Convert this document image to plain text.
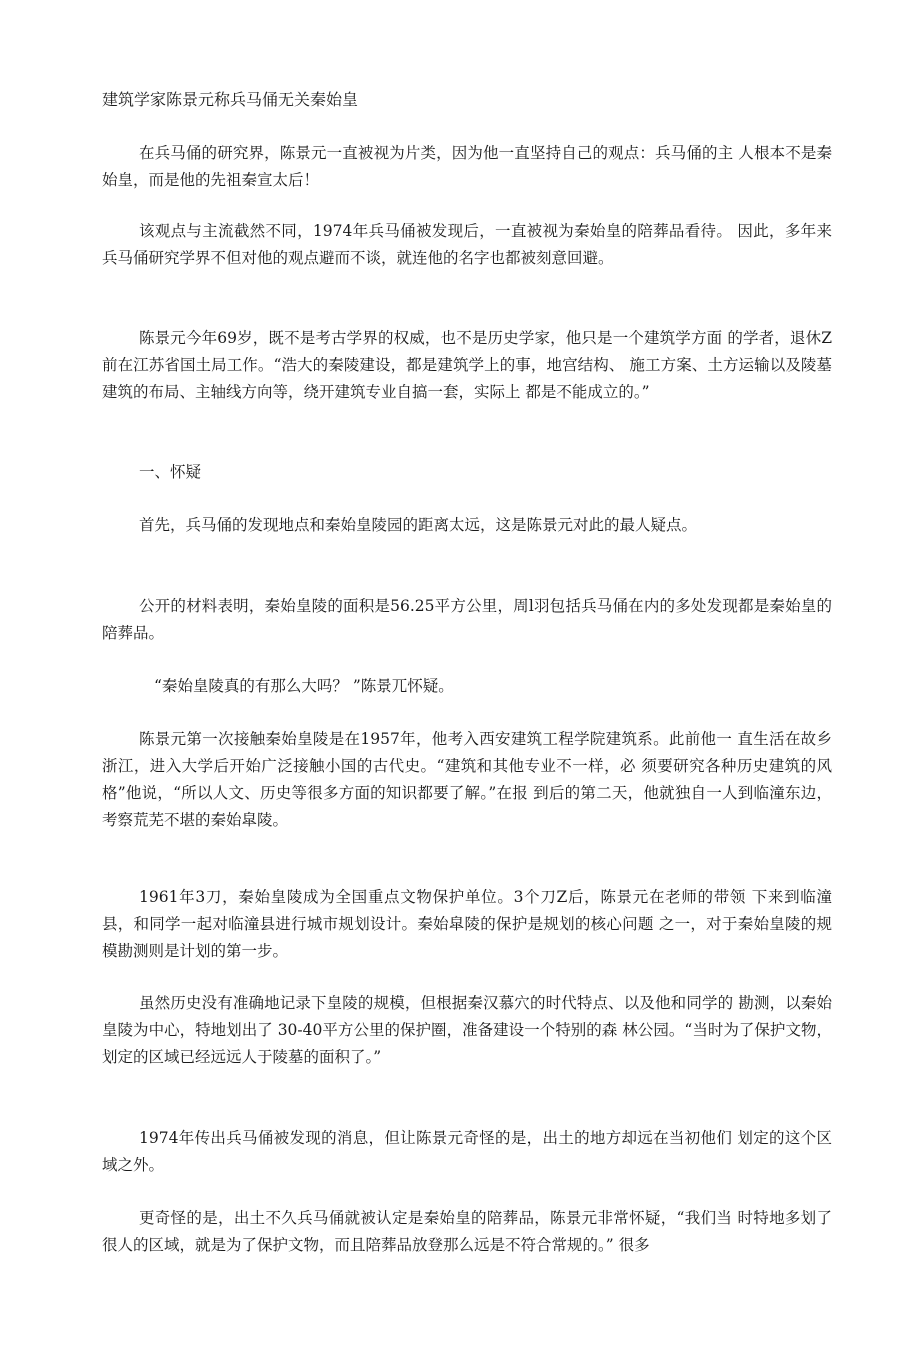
建筑学家陈景元称兵马俑无关秦始皇

在兵马俑的研究界，陈景元一直被视为片类，因为他一直坚持自己的观点：兵马俑的主 人根本不是秦始皇，而是他的先祖秦宣太后！

该观点与主流截然不同，1974年兵马俑被发现后，一直被视为秦始皇的陪葬品看待。 因此，多年来兵马俑研究学界不但对他的观点避而不谈，就连他的名字也都被刻意回避。

陈景元今年69岁，既不是考古学界的权威，也不是历史学家，他只是一个建筑学方面 的学者，退休Z前在江苏省国土局工作。“浩大的秦陵建设，都是建筑学上的事，地宫结构、 施工方案、土方运输以及陵墓建筑的布局、主轴线方向等，绕开建筑专业自搞一套，实际上 都是不能成立的。”

一、怀疑

首先，兵马俑的发现地点和秦始皇陵园的距离太远，这是陈景元对此的最人疑点。

公开的材料表明，秦始皇陵的面积是56.25平方公里，周l羽包括兵马俑在内的多处发现都是秦始皇的陪葬品。

“秦始皇陵真的有那么大吗？ ”陈景兀怀疑。

陈景元第一次接触秦始皇陵是在1957年，他考入西安建筑工程学院建筑系。此前他一 直生活在故乡浙江，进入大学后开始广泛接触小国的古代史。“建筑和其他专业不一样，必 须要研究各种历史建筑的风格”他说，“所以人文、历史等很多方面的知识都要了解。”在报 到后的第二天，他就独自一人到临潼东边，考察荒芜不堪的秦始皐陵。

1961年3刀，秦始皇陵成为全国重点文物保护单位。3个刀Z后，陈景元在老师的带领 下来到临潼县，和同学一起对临潼县进行城市规划设计。秦始皐陵的保护是规划的核心问题 之一，对于秦始皇陵的规模勘测则是计划的第一步。

虽然历史没有准确地记录下皇陵的规模，但根据秦汉慕穴的时代特点、以及他和同学的 勘测，以秦始皇陵为中心，特地划出了 30-40平方公里的保护圈，准备建设一个特别的森 林公园。“当时为了保护文物，划定的区域已经远远人于陵墓的面积了。”

1974年传出兵马俑被发现的消息，但让陈景元奇怪的是，出土的地方却远在当初他们 划定的这个区域之外。

更奇怪的是，出土不久兵马俑就被认定是秦始皇的陪葬品，陈景元非常怀疑，“我们当 时特地多划了很人的区域，就是为了保护文物，而且陪葬品放登那么远是不符合常规的。” 很多
